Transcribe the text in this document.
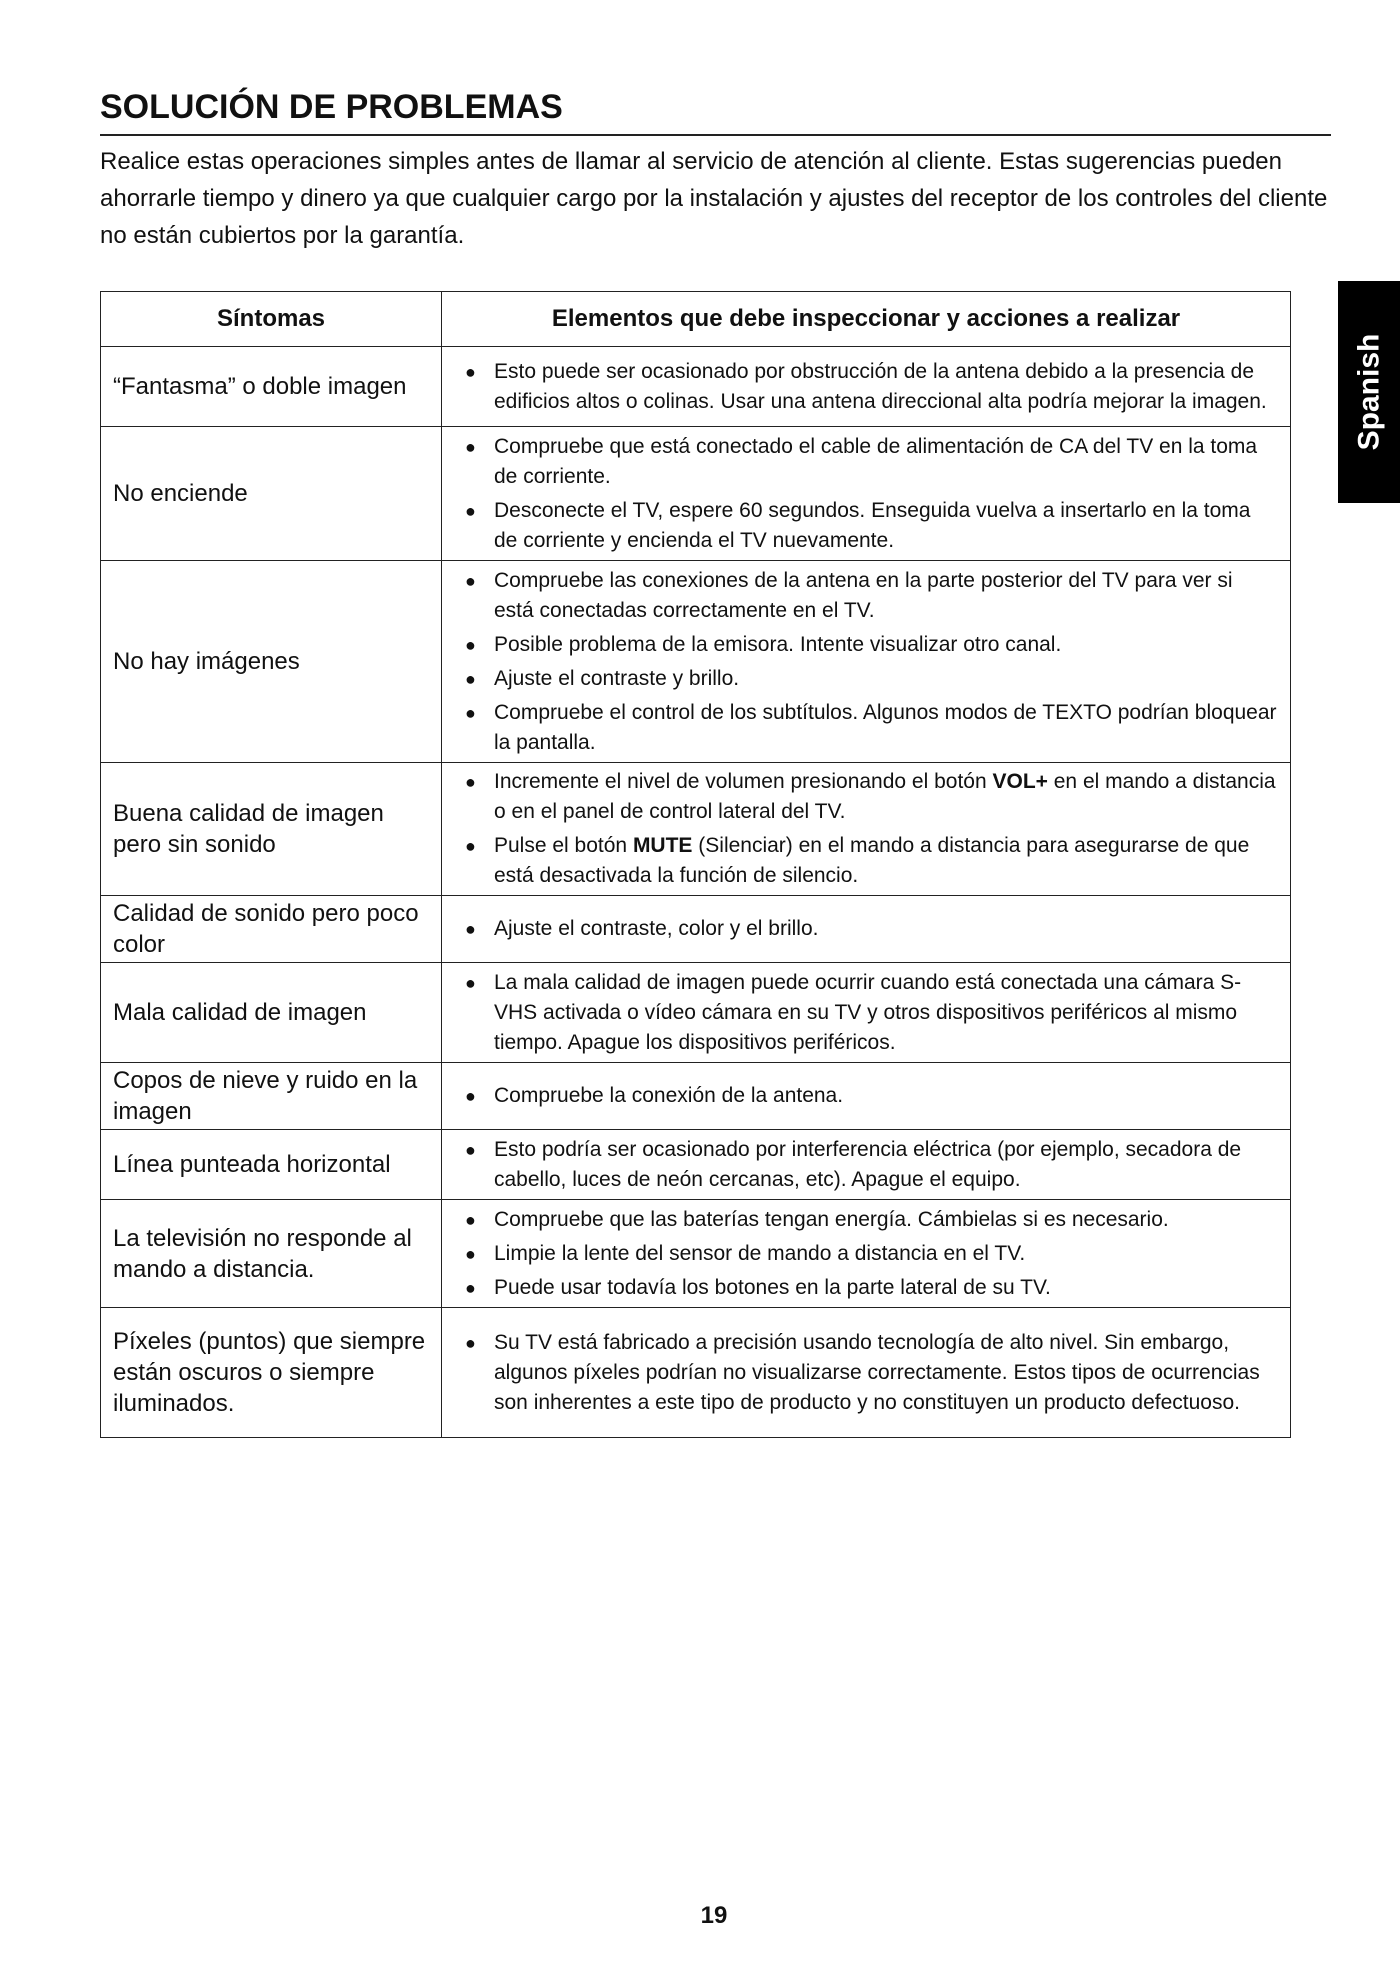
SOLUCIÓN DE PROBLEMAS

Realice estas operaciones simples antes de llamar al servicio de atención al cliente. Estas sugerencias pueden ahorrarle tiempo y dinero ya que cualquier cargo por la instalación y ajustes del receptor de los controles del cliente no están cubiertos por la garantía.

Spanish
Síntomas	Elementos que debe inspeccionar y acciones a realizar
“Fantasma” o doble imagen	
● Esto puede ser ocasionado por obstrucción de la antena debido a la presencia de edificios altos o colinas. Usar una antena direccional alta podría mejorar la imagen.

No enciende	
● Compruebe que está conectado el cable de alimentación de CA del TV en la toma de corriente.
● Desconecte el TV, espere 60 segundos. Enseguida vuelva a insertarlo en la toma de corriente y encienda el TV nuevamente.

No hay imágenes	
● Compruebe las conexiones de la antena en la parte posterior del TV para ver si está conectadas correctamente en el TV.
● Posible problema de la emisora. Intente visualizar otro canal.
● Ajuste el contraste y brillo.
● Compruebe el control de los subtítulos. Algunos modos de TEXTO podrían bloquear la pantalla.

Buena calidad de imagen pero sin sonido	
● Incremente el nivel de volumen presionando el botón VOL+ en el mando a distancia o en el panel de control lateral del TV.
● Pulse el botón MUTE (Silenciar) en el mando a distancia para asegurarse de que está desactivada la función de silencio.

Calidad de sonido pero poco color	
● Ajuste el contraste, color y el brillo.

Mala calidad de imagen	
● La mala calidad de imagen puede ocurrir cuando está conectada una cámara S-VHS activada o vídeo cámara en su TV y otros dispositivos periféricos al mismo tiempo. Apague los dispositivos periféricos.

Copos de nieve y ruido en la imagen	
● Compruebe la conexión de la antena.

Línea punteada horizontal	
● Esto podría ser ocasionado por interferencia eléctrica (por ejemplo, secadora de cabello, luces de neón cercanas, etc). Apague el equipo.

La televisión no responde al mando a distancia.	
● Compruebe que las baterías tengan energía. Cámbielas si es necesario.
● Limpie la lente del sensor de mando a distancia en el TV.
● Puede usar todavía los botones en la parte lateral de su TV.

Píxeles (puntos) que siempre están oscuros o siempre iluminados.	
● Su TV está fabricado a precisión usando tecnología de alto nivel. Sin embargo, algunos píxeles podrían no visualizarse correctamente. Estos tipos de ocurrencias son inherentes a este tipo de producto y no constituyen un producto defectuoso.
19
